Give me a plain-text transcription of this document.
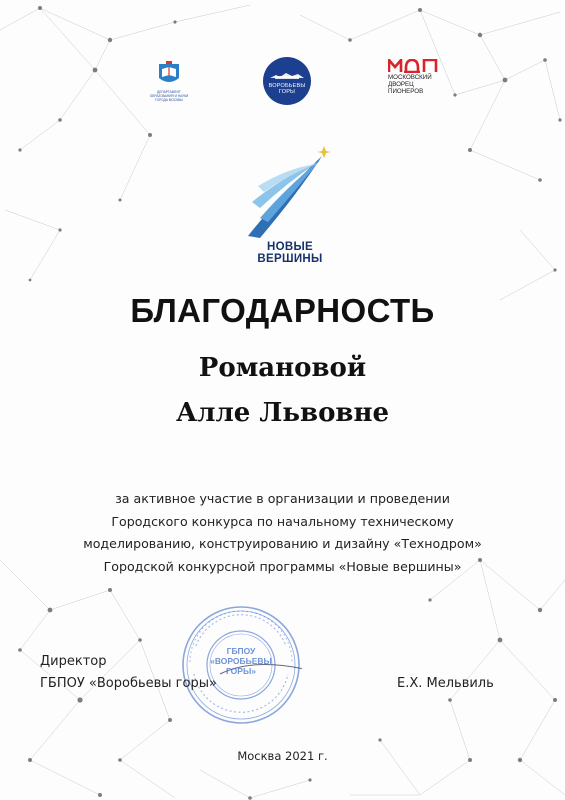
ДЕПАРТАМЕНТ ОБРАЗОВАНИЯ И НАУКИ ГОРОДА МОСКВЫ
ВОРОБЬЕВЫ
ГОРЫ
МОСКОВСКИЙ
ДВОРЕЦ
ПИОНЕРОВ
НОВЫЕ
ВЕРШИНЫ
БЛАГОДАРНОСТЬ
Романовой
Алле Львовне
за активное участие в организации и проведении
Городского конкурса по начальному техническому
моделированию, конструированию и дизайну «Технодром»
Городской конкурсной программы «Новые вершины»
ГБПОУ
«ВОРОБЬЕВЫ
ГОРЫ»
Директор
ГБПОУ «Воробьевы горы»	Е.Х. Мельвиль
Москва 2021 г.
